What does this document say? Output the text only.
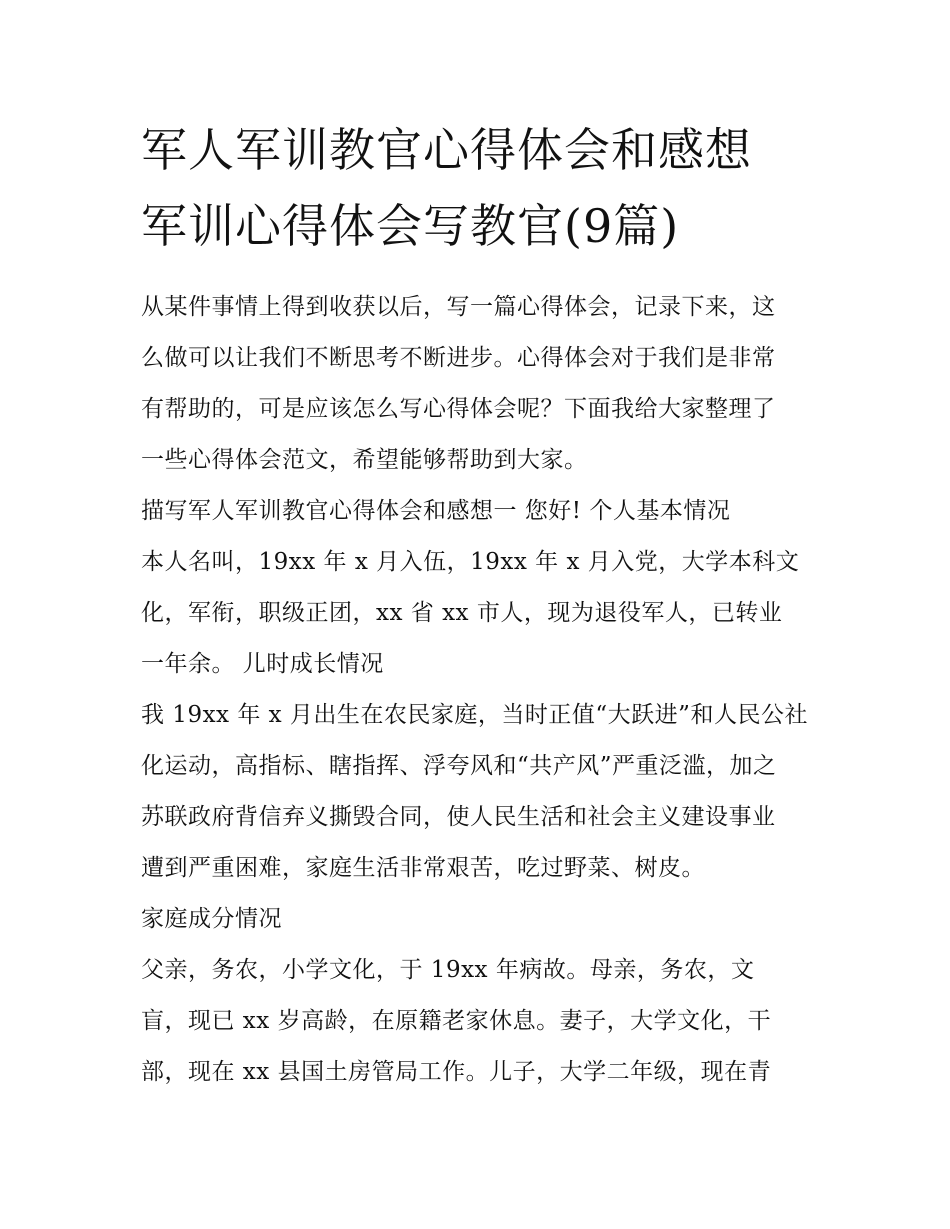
军人军训教官心得体会和感想
军训心得体会写教官(9篇)
从某件事情上得到收获以后，写一篇心得体会，记录下来，这
么做可以让我们不断思考不断进步。心得体会对于我们是非常
有帮助的，可是应该怎么写心得体会呢？下面我给大家整理了
一些心得体会范文，希望能够帮助到大家。
描写军人军训教官心得体会和感想一 您好! 个人基本情况
本人名叫，19xx 年 x 月入伍，19xx 年 x 月入党，大学本科文
化，军衔，职级正团，xx 省 xx 市人，现为退役军人，已转业
一年余。 儿时成长情况
我 19xx 年 x 月出生在农民家庭，当时正值“大跃进”和人民公社
化运动，高指标、瞎指挥、浮夸风和“共产风”严重泛滥，加之
苏联政府背信弃义撕毁合同，使人民生活和社会主义建设事业
遭到严重困难，家庭生活非常艰苦，吃过野菜、树皮。
家庭成分情况
父亲，务农，小学文化，于 19xx 年病故。母亲，务农，文
盲，现已 xx 岁高龄，在原籍老家休息。妻子，大学文化，干
部，现在 xx 县国土房管局工作。儿子，大学二年级，现在青
